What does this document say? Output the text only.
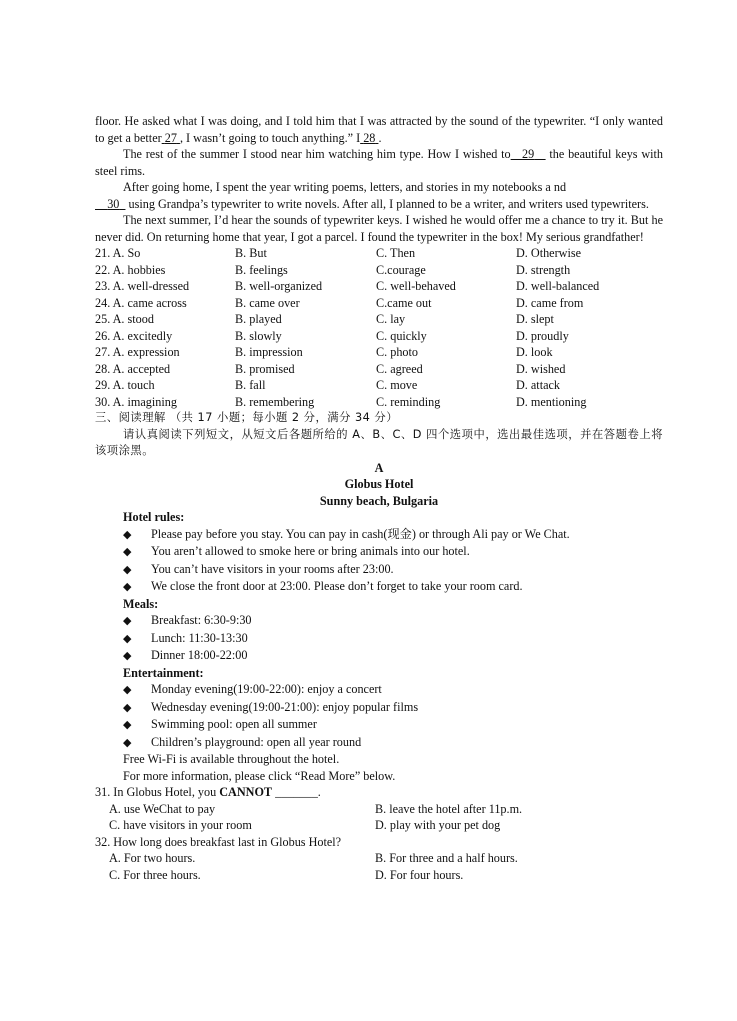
floor. He asked what I was doing, and I told him that I was attracted by the sound of the typewriter. “I only wanted to get a better 27 , I wasn’t going to touch anything.” I 28 .

The rest of the summer I stood near him watching him type. How I wished to 29 the beautiful keys with steel rims.

After going home, I spent the year writing poems, letters, and stories in my notebooks a nd

30 using Grandpa’s typewriter to write novels. After all, I planned to be a writer, and writers used typewriters.

The next summer, I’d hear the sounds of typewriter keys. I wished he would offer me a chance to try it. But he never did. On returning home that year, I got a parcel. I found the typewriter in the box! My serious grandfather!

21. A. So	B. But	C. Then	D. Otherwise
22. A. hobbies	B. feelings	C.courage	D. strength
23. A. well-dressed	B. well-organized	C. well-behaved	D. well-balanced
24. A. came across	B. came over	C.came out	D. came from
25. A. stood	B. played	C. lay	D. slept
26. A. excitedly	B. slowly	C. quickly	D. proudly
27. A. expression	B. impression	C. photo	D. look
28. A. accepted	B. promised	C. agreed	D. wished
29. A. touch	B. fall	C. move	D. attack
30. A. imagining	B. remembering	C. reminding	D. mentioning
三、阅读理解 （共 17 小题；每小题 2 分，满分 34 分）

请认真阅读下列短文，从短文后各题所给的 A、B、C、D 四个选项中，选出最佳选项，并在答题卷上将该项涂黑。

A
Globus Hotel
Sunny beach, Bulgaria
Hotel rules:
◆ Please pay before you stay. You can pay in cash(现金) or through Ali pay or We Chat.
◆ You aren’t allowed to smoke here or bring animals into our hotel.
◆ You can’t have visitors in your rooms after 23:00.
◆ We close the front door at 23:00. Please don’t forget to take your room card.
Meals:
◆ Breakfast: 6:30-9:30
◆ Lunch: 11:30-13:30
◆ Dinner 18:00-22:00
Entertainment:
◆ Monday evening(19:00-22:00): enjoy a concert
◆ Wednesday evening(19:00-21:00): enjoy popular films
◆ Swimming pool: open all summer
◆ Children’s playground: open all year round
Free Wi-Fi is available throughout the hotel.
For more information, please click “Read More” below.
31. In Globus Hotel, you CANNOT _______.
A. use WeChat to pay	B. leave the hotel after 11p.m.
C. have visitors in your room	D. play with your pet dog
32. How long does breakfast last in Globus Hotel?
A. For two hours.	B. For three and a half hours.
C. For three hours.	D. For four hours.
